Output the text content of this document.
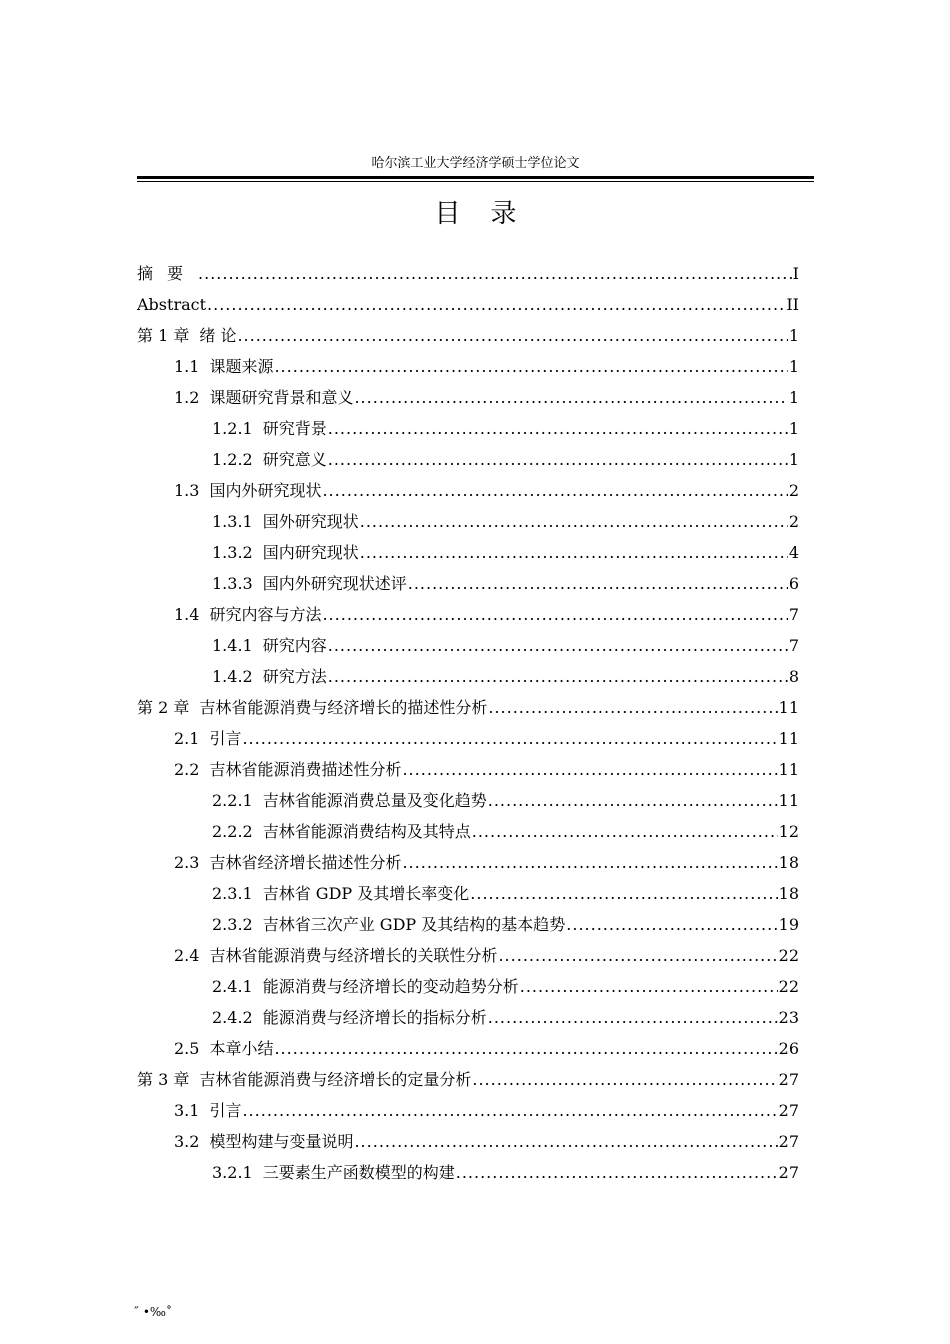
哈尔滨工业大学经济学硕士学位论文
目录
摘要 .....	I
Abstract .....	II
第 1 章 绪 论 .....	1
1.1 课题来源 .....	1
1.2 课题研究背景和意义 .....	1
1.2.1 研究背景 .....	1
1.2.2 研究意义 .....	1
1.3 国内外研究现状 .....	2
1.3.1 国外研究现状 .....	2
1.3.2 国内研究现状 .....	4
1.3.3 国内外研究现状述评 .....	6
1.4 研究内容与方法 .....	7
1.4.1 研究内容 .....	7
1.4.2 研究方法 .....	8
第 2 章 吉林省能源消费与经济增长的描述性分析 .....	11
2.1 引言 .....	11
2.2 吉林省能源消费描述性分析 .....	11
2.2.1 吉林省能源消费总量及变化趋势 .....	11
2.2.2 吉林省能源消费结构及其特点 .....	12
2.3 吉林省经济增长描述性分析 .....	18
2.3.1 吉林省 GDP 及其增长率变化 .....	18
2.3.2 吉林省三次产业 GDP 及其结构的基本趋势 .....	19
2.4 吉林省能源消费与经济增长的关联性分析 .....	22
2.4.1 能源消费与经济增长的变动趋势分析 .....	22
2.4.2 能源消费与经济增长的指标分析 .....	23
2.5 本章小结 .....	26
第 3 章 吉林省能源消费与经济增长的定量分析 .....	27
3.1 引言 .....	27
3.2 模型构建与变量说明 .....	27
3.2.1 三要素生产函数模型的构建 .....	27
˝ •‰˚
